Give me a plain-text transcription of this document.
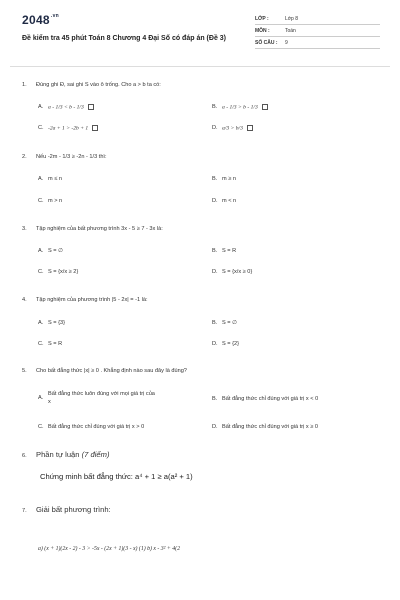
$2048^{.vn}$
Đề kiểm tra 45 phút Toán 8 Chương 4 Đại Số có đáp án (Đề 3)
LỚP :	Lớp 8
MÔN :	Toán
SỐ CÂU :	9
1. Đúng ghi Đ, sai ghi S vào ô trống. Cho a > b ta có:
A. a - 1/3 < b - 1/3	B. a - 1/3 > b - 1/3
C. -2a + 1 > -2b + 1	D. a/3 > b/3
2. Nếu -2m - 1/3 ≥ -2n - 1/3 thì:
A. m ≤ n	B. m ≥ n
C. m > n	D. m < n
3. Tập nghiệm của bất phương trình 3x - 5 ≥ 7 - 3x là:
A. S = ∅	B. S = R
C. S = {x/x ≥ 2}	D. S = {x/x ≥ 0}
4. Tập nghiệm của phương trình |5 - 2x| = -1 là:
A. S = {3}	B. S = ∅
C. S = R	D. S = {2}
5. Cho bất đẳng thức |x| ≥ 0 . Khẳng định nào sau đây là đúng?
A.Bất đẳng thức luôn đúng với mọi giá trị của x	B. Bất đẳng thức chỉ đúng với giá trị x < 0
C. Bất đẳng thức chỉ đúng với giá trị x > 0	D. Bất đẳng thức chỉ đúng với giá trị x ≥ 0
6. Phần tự luận (7 điểm)
Chứng minh bất đẳng thức: a⁴ + 1 ≥ a(a² + 1)
7. Giải bất phương trình:
a) (x + 1)(2x - 2) - 3 > -5x - (2x + 1)(3 - x) (1) b) x - 3² + 4(2
